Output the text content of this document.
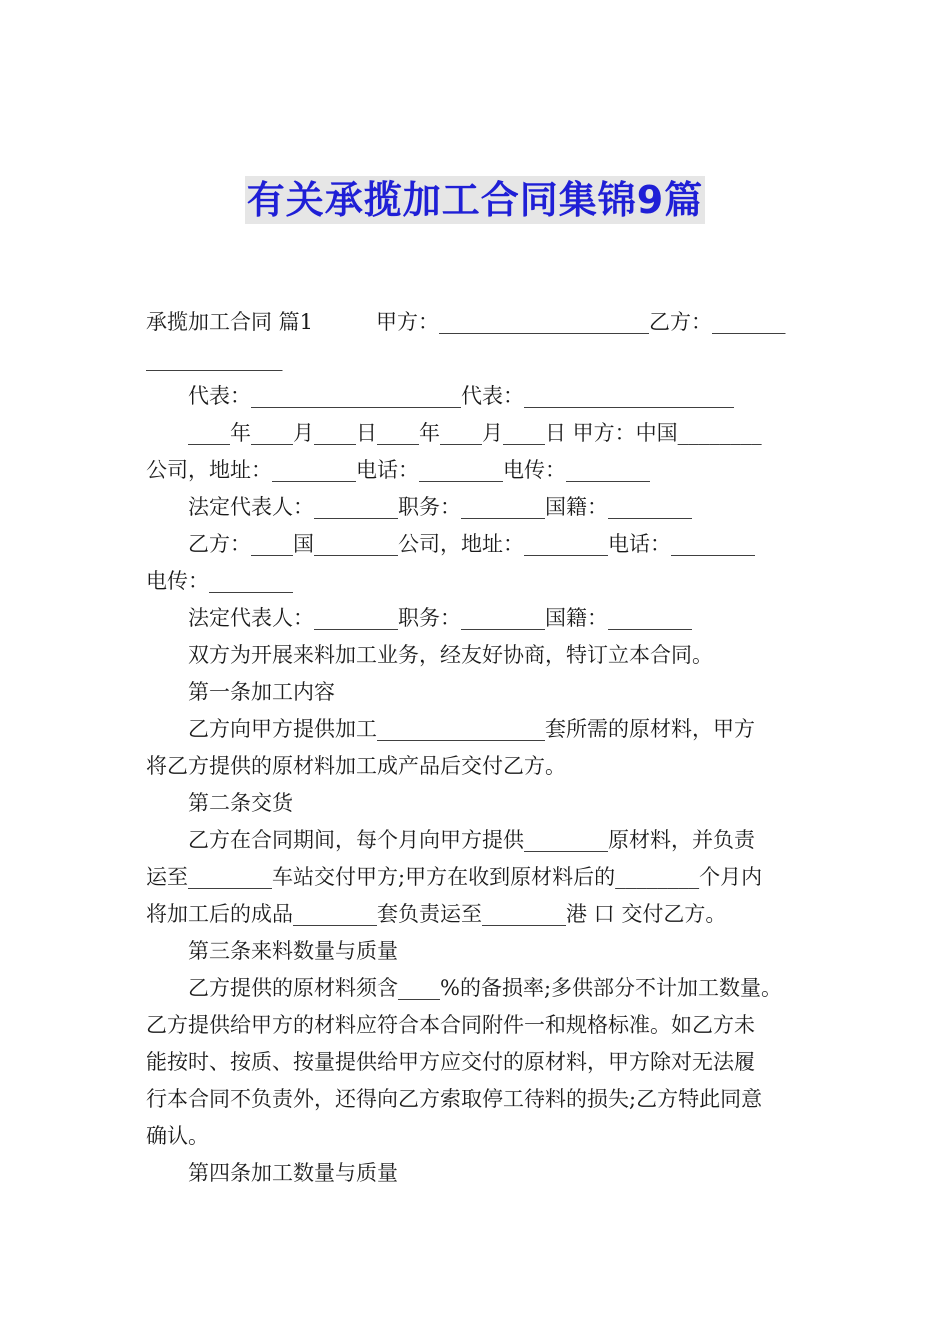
有关承揽加工合同集锦9篇

承揽加工合同 篇1　　　甲方：____________________乙方：_______

_____________

代表：____________________代表：____________________

____年____月____日____年____月____日 甲方：中国________

公司，地址：________电话：________电传：________

法定代表人：________职务：________国籍：________

乙方：____国________公司，地址：________电话：________

电传：________

法定代表人：________职务：________国籍：________

双方为开展来料加工业务，经友好协商，特订立本合同。

第一条加工内容

乙方向甲方提供加工________________套所需的原材料，甲方

将乙方提供的原材料加工成产品后交付乙方。

第二条交货

乙方在合同期间，每个月向甲方提供________原材料，并负责

运至________车站交付甲方;甲方在收到原材料后的________个月内

将加工后的成品________套负责运至________港 口 交付乙方。

第三条来料数量与质量

乙方提供的原材料须含____%的备损率;多供部分不计加工数量。

乙方提供给甲方的材料应符合本合同附件一和规格标准。如乙方未

能按时、按质、按量提供给甲方应交付的原材料，甲方除对无法履

行本合同不负责外，还得向乙方索取停工待料的损失;乙方特此同意

确认。

第四条加工数量与质量
